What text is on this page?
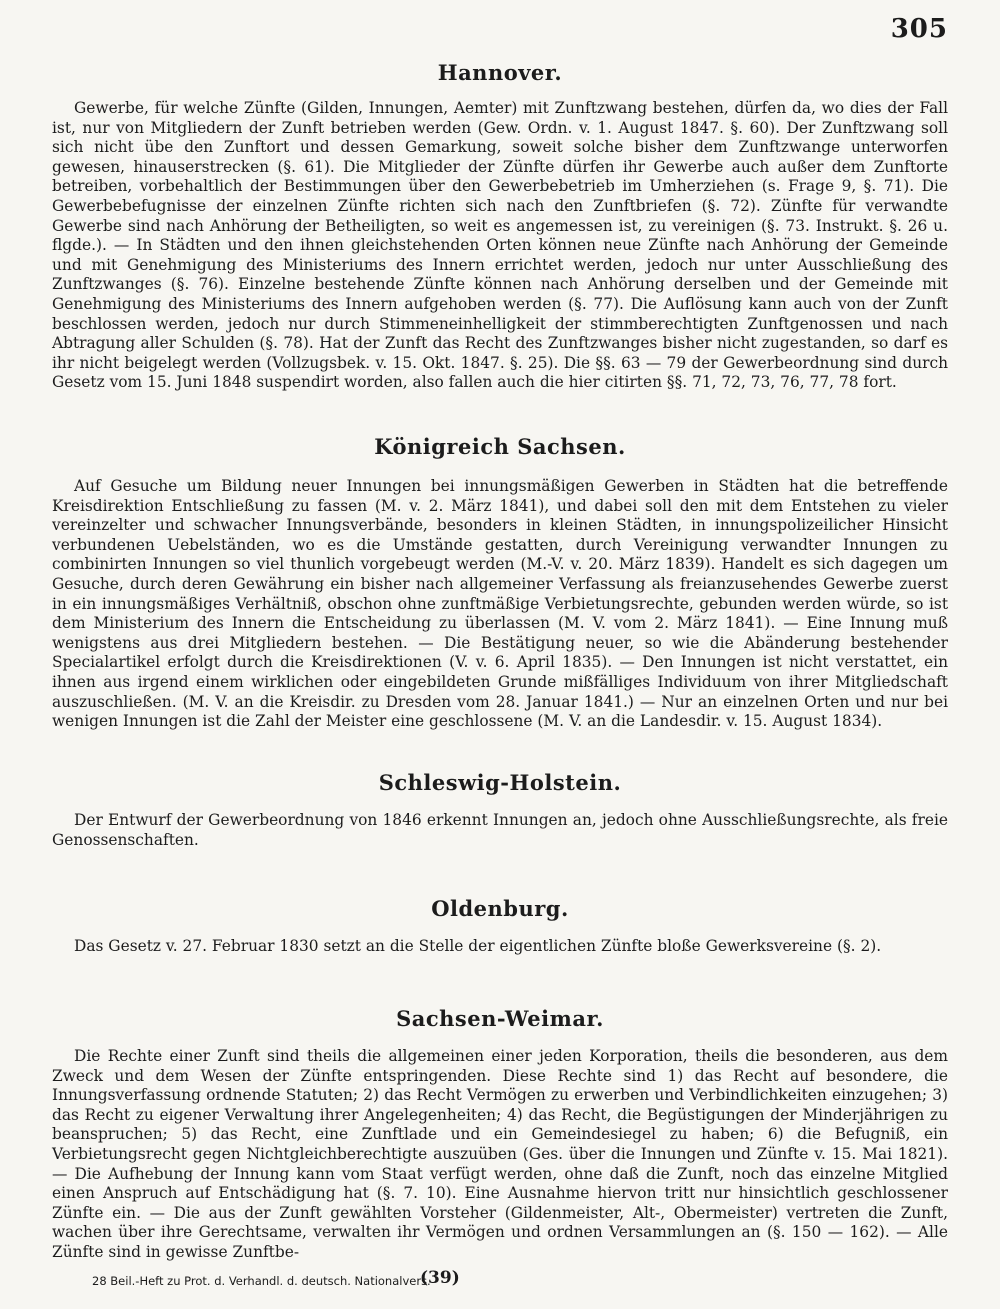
305
Hannover.

Gewerbe, für welche Zünfte (Gilden, Innungen, Aemter) mit Zunftzwang bestehen, dürfen da, wo dies der Fall ist, nur von Mitgliedern der Zunft betrieben werden (Gew. Ordn. v. 1. August 1847. §. 60). Der Zunftzwang soll sich nicht übe den Zunftort und dessen Gemarkung, soweit solche bisher dem Zunftzwange unterworfen gewesen, hinauserstrecken (§. 61). Die Mitglieder der Zünfte dürfen ihr Gewerbe auch außer dem Zunftorte betreiben, vorbehaltlich der Bestimmungen über den Gewerbebetrieb im Umherziehen (s. Frage 9, §. 71). Die Gewerbebefugnisse der einzelnen Zünfte richten sich nach den Zunftbriefen (§. 72). Zünfte für verwandte Gewerbe sind nach Anhörung der Betheiligten, so weit es angemessen ist, zu vereinigen (§. 73. Instrukt. §. 26 u. flgde.). — In Städten und den ihnen gleichstehenden Orten können neue Zünfte nach Anhörung der Gemeinde und mit Genehmigung des Ministeriums des Innern errichtet werden, jedoch nur unter Ausschließung des Zunftzwanges (§. 76). Einzelne bestehende Zünfte können nach Anhörung derselben und der Gemeinde mit Genehmigung des Ministeriums des Innern aufgehoben werden (§. 77). Die Auflösung kann auch von der Zunft beschlossen werden, jedoch nur durch Stimmeneinhelligkeit der stimmberechtigten Zunftgenossen und nach Abtragung aller Schulden (§. 78). Hat der Zunft das Recht des Zunftzwanges bisher nicht zugestanden, so darf es ihr nicht beigelegt werden (Vollzugsbek. v. 15. Okt. 1847. §. 25). Die §§. 63 — 79 der Gewerbeordnung sind durch Gesetz vom 15. Juni 1848 suspendirt worden, also fallen auch die hier citirten §§. 71, 72, 73, 76, 77, 78 fort.

Königreich Sachsen.

Auf Gesuche um Bildung neuer Innungen bei innungsmäßigen Gewerben in Städten hat die betreffende Kreisdirektion Entschließung zu fassen (M. v. 2. März 1841), und dabei soll den mit dem Entstehen zu vieler vereinzelter und schwacher Innungsverbände, besonders in kleinen Städten, in innungspolizeilicher Hinsicht verbundenen Uebelständen, wo es die Umstände gestatten, durch Vereinigung verwandter Innungen zu combinirten Innungen so viel thunlich vorgebeugt werden (M.-V. v. 20. März 1839). Handelt es sich dagegen um Gesuche, durch deren Gewährung ein bisher nach allgemeiner Verfassung als freianzusehendes Gewerbe zuerst in ein innungsmäßiges Verhältniß, obschon ohne zunftmäßige Verbietungsrechte, gebunden werden würde, so ist dem Ministerium des Innern die Entscheidung zu überlassen (M. V. vom 2. März 1841). — Eine Innung muß wenigstens aus drei Mitgliedern bestehen. — Die Bestätigung neuer, so wie die Abänderung bestehender Specialartikel erfolgt durch die Kreisdirektionen (V. v. 6. April 1835). — Den Innungen ist nicht verstattet, ein ihnen aus irgend einem wirklichen oder eingebildeten Grunde mißfälliges Individuum von ihrer Mitgliedschaft auszuschließen. (M. V. an die Kreisdir. zu Dresden vom 28. Januar 1841.) — Nur an einzelnen Orten und nur bei wenigen Innungen ist die Zahl der Meister eine geschlossene (M. V. an die Landesdir. v. 15. August 1834).

Schleswig-Holstein.

Der Entwurf der Gewerbeordnung von 1846 erkennt Innungen an, jedoch ohne Ausschließungsrechte, als freie Genossenschaften.

Oldenburg.

Das Gesetz v. 27. Februar 1830 setzt an die Stelle der eigentlichen Zünfte bloße Gewerksvereine (§. 2).

Sachsen-Weimar.

Die Rechte einer Zunft sind theils die allgemeinen einer jeden Korporation, theils die besonderen, aus dem Zweck und dem Wesen der Zünfte entspringenden. Diese Rechte sind 1) das Recht auf besondere, die Innungsverfassung ordnende Statuten; 2) das Recht Vermögen zu erwerben und Verbindlichkeiten einzugehen; 3) das Recht zu eigener Verwaltung ihrer Angelegenheiten; 4) das Recht, die Begüstigungen der Minderjährigen zu beanspruchen; 5) das Recht, eine Zunftlade und ein Gemeindesiegel zu haben; 6) die Befugniß, ein Verbietungsrecht gegen Nichtgleichberechtigte auszuüben (Ges. über die Innungen und Zünfte v. 15. Mai 1821). — Die Aufhebung der Innung kann vom Staat verfügt werden, ohne daß die Zunft, noch das einzelne Mitglied einen Anspruch auf Entschädigung hat (§. 7. 10). Eine Ausnahme hiervon tritt nur hinsichtlich geschlossener Zünfte ein. — Die aus der Zunft gewählten Vorsteher (Gildenmeister, Alt-, Obermeister) vertreten die Zunft, wachen über ihre Gerechtsame, verwalten ihr Vermögen und ordnen Versammlungen an (§. 150 — 162). — Alle Zünfte sind in gewisse Zunftbe-

28 Beil.-Heft zu Prot. d. Verhandl. d. deutsch. Nationalvers.
(39)
